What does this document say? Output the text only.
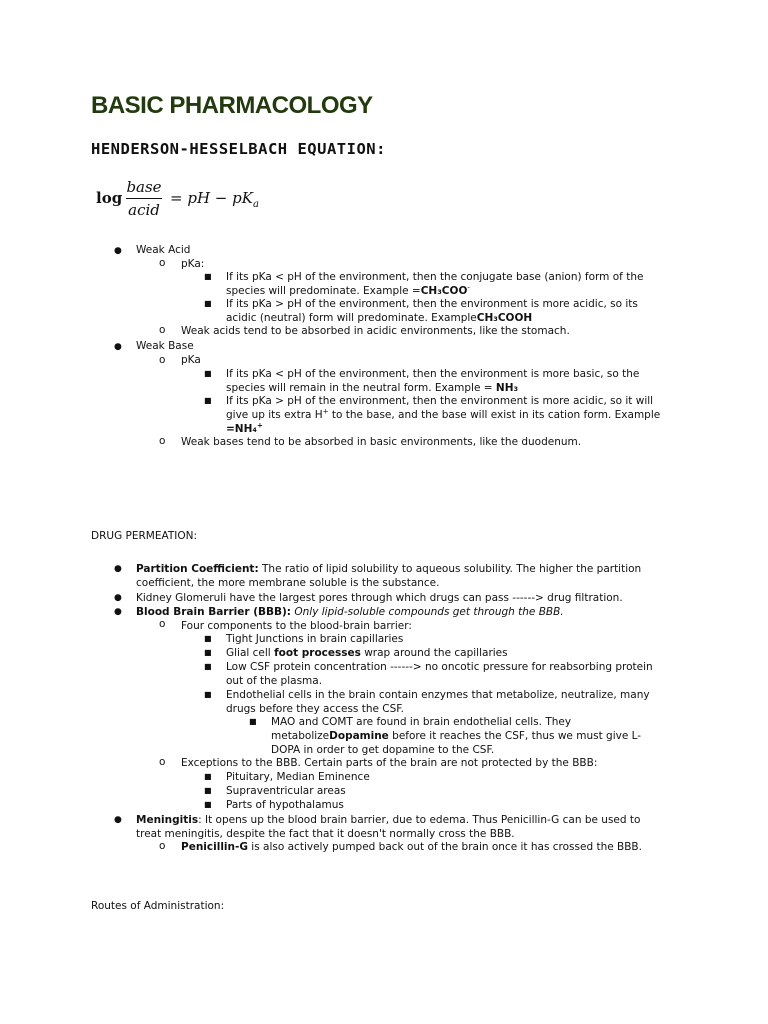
BASIC PHARMACOLOGY
HENDERSON-HESSELBACH EQUATION:
log
base
acid
= pH − $pK_a$
● Weak Acid
o pKa:
■ If its pKa < pH of the environment, then the conjugate base (anion) form of the
species will predominate. Example =CH₃COO-
■ If its pKa > pH of the environment, then the environment is more acidic, so its
acidic (neutral) form will predominate. ExampleCH₃COOH
o Weak acids tend to be absorbed in acidic environments, like the stomach.
● Weak Base
o pKa
■ If its pKa < pH of the environment, then the environment is more basic, so the
species will remain in the neutral form. Example = NH₃
■ If its pKa > pH of the environment, then the environment is more acidic, so it will
give up its extra H+ to the base, and the base will exist in its cation form. Example
=NH₄+
o Weak bases tend to be absorbed in basic environments, like the duodenum.
DRUG PERMEATION:
● Partition Coefficient: The ratio of lipid solubility to aqueous solubility. The higher the partition
coefficient, the more membrane soluble is the substance.
● Kidney Glomeruli have the largest pores through which drugs can pass ------> drug filtration.
● Blood Brain Barrier (BBB): Only lipid-soluble compounds get through the BBB.
o Four components to the blood-brain barrier:
■ Tight Junctions in brain capillaries
■ Glial cell foot processes wrap around the capillaries
■ Low CSF protein concentration ------> no oncotic pressure for reabsorbing protein
out of the plasma.
■ Endothelial cells in the brain contain enzymes that metabolize, neutralize, many
drugs before they access the CSF.
■ MAO and COMT are found in brain endothelial cells. They
metabolizeDopamine before it reaches the CSF, thus we must give L-
DOPA in order to get dopamine to the CSF.
o Exceptions to the BBB. Certain parts of the brain are not protected by the BBB:
■ Pituitary, Median Eminence
■ Supraventricular areas
■ Parts of hypothalamus
● Meningitis: It opens up the blood brain barrier, due to edema. Thus Penicillin-G can be used to
treat meningitis, despite the fact that it doesn't normally cross the BBB.
o Penicillin-G is also actively pumped back out of the brain once it has crossed the BBB.
Routes of Administration:
